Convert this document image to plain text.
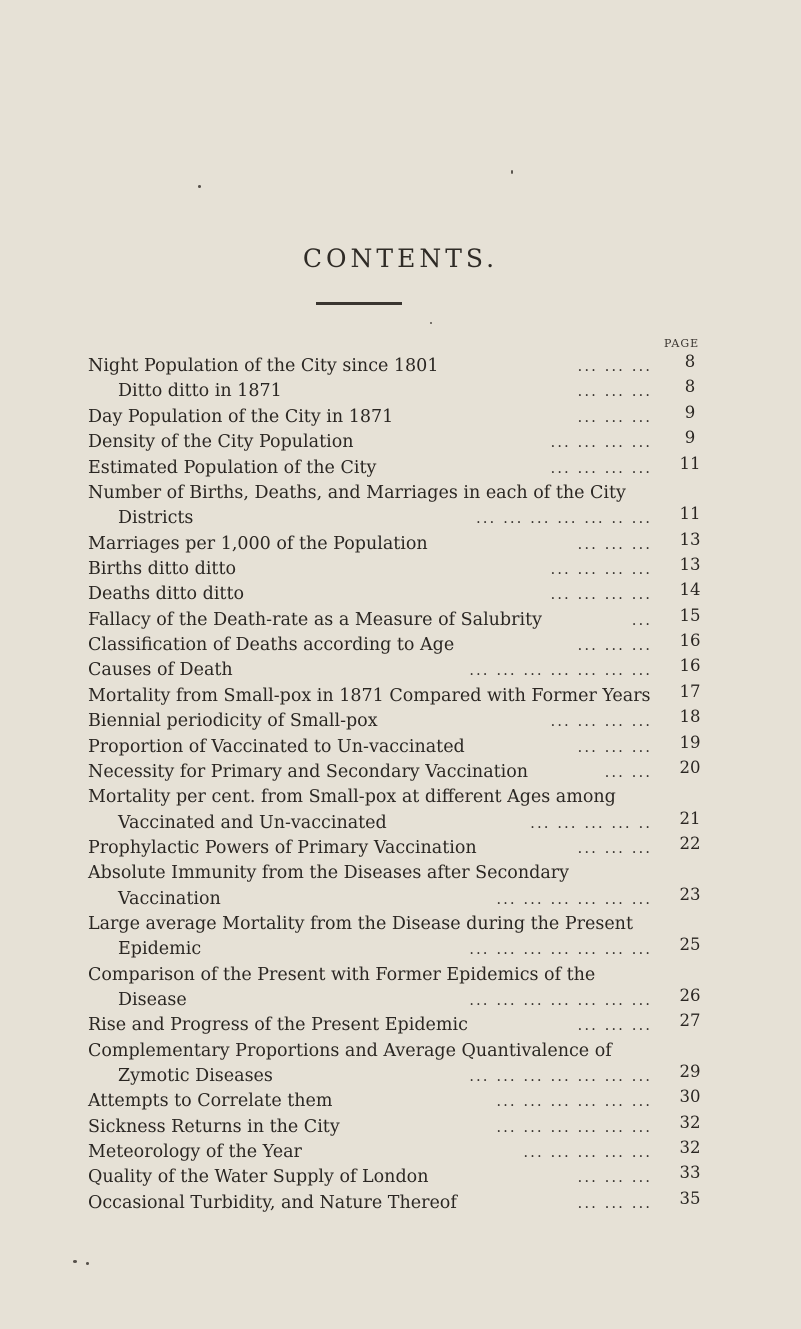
CONTENTS.
PAGE
Night Population of the City since 1801	... ... ...	8
Ditto ditto in 1871	... ... ...	8
Day Population of the City in 1871	... ... ...	9
Density of the City Population	... ... ... ...	9
Estimated Population of the City	... ... ... ...	11
Number of Births, Deaths, and Marriages in each of the City
Districts	... ... ... ... ... .. ...	11
Marriages per 1,000 of the Population	... ... ...	13
Births ditto ditto	... ... ... ...	13
Deaths ditto ditto	... ... ... ...	14
Fallacy of the Death-rate as a Measure of Salubrity	...	15
Classification of Deaths according to Age	... ... ...	16
Causes of Death	... ... ... ... ... ... ...	16
Mortality from Small-pox in 1871 Compared with Former Years	17
Biennial periodicity of Small-pox	... ... ... ...	18
Proportion of Vaccinated to Un-vaccinated	... ... ...	19
Necessity for Primary and Secondary Vaccination	... ...	20
Mortality per cent. from Small-pox at different Ages among
Vaccinated and Un-vaccinated	... ... ... ... ..	21
Prophylactic Powers of Primary Vaccination	... ... ...	22
Absolute Immunity from the Diseases after Secondary
Vaccination	... ... ... ... ... ...	23
Large average Mortality from the Disease during the Present
Epidemic	... ... ... ... ... ... ...	25
Comparison of the Present with Former Epidemics of the
Disease	... ... ... ... ... ... ...	26
Rise and Progress of the Present Epidemic	... ... ...	27
Complementary Proportions and Average Quantivalence of
Zymotic Diseases	... ... ... ... ... ... ...	29
Attempts to Correlate them	... ... ... ... ... ...	30
Sickness Returns in the City	... ... ... ... ... ...	32
Meteorology of the Year	... ... ... ... ...	32
Quality of the Water Supply of London	... ... ...	33
Occasional Turbidity, and Nature Thereof	... ... ...	35
